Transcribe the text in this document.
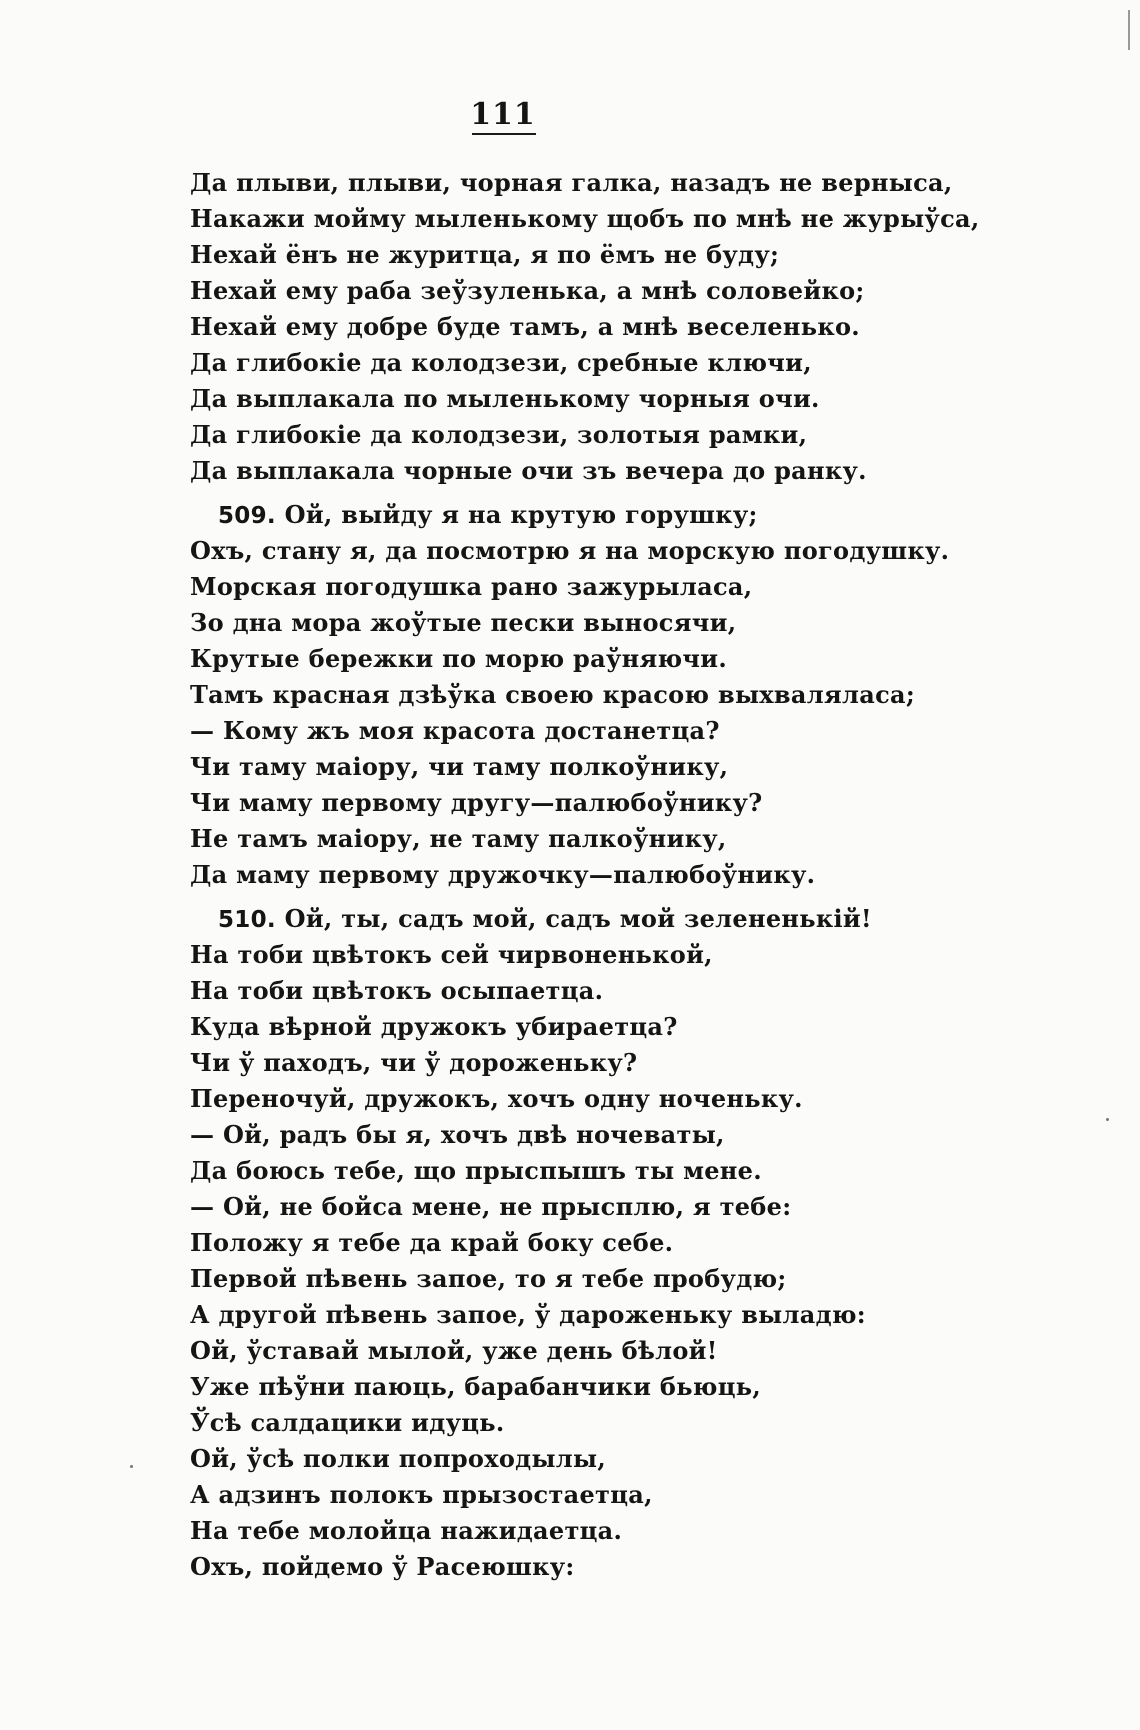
111
Да плыви, плыви, чорная галка, назадъ не верныса,
Накажи мойму мыленькому щобъ по мнѣ не журыўса,
Нехай ёнъ не журитца, я по ёмъ не буду;
Нехай ему раба зеўзуленька, а мнѣ соловейко;
Нехай ему добре буде тамъ, а мнѣ веселенько.
Да глибокіе да колодзези, сребные ключи,
Да выплакала по мыленькому чорныя очи.
Да глибокіе да колодзези, золотыя рамки,
Да выплакала чорные очи зъ вечера до ранку.
509. Ой, выйду я на крутую горушку;
Охъ, стану я, да посмотрю я на морскую погодушку.
Морская погодушка рано зажурылаcа,
Зо дна мора жоўтые пески выносячи,
Крутые бережки по морю раўняючи.
Тамъ красная дзѣўка своею красою выхваляласа;
— Кому жъ моя красота достанетца?
Чи таму маіору, чи таму полкоўнику,
Чи маму первому другу—палюбоўнику?
Не тамъ маіору, не таму палкоўнику,
Да маму первому дружочку—палюбоўнику.
510. Ой, ты, садъ мой, садъ мой зелененькій!
На тоби цвѣтокъ сей чирвоненькой,
На тоби цвѣтокъ осыпаетца.
Куда вѣрной дружокъ убираетца?
Чи ў паходъ, чи ў дороженьку?
Переночуй, дружокъ, хочъ одну ноченьку.
— Ой, радъ бы я, хочъ двѣ ночеваты,
Да боюсь тебе, що прыспышъ ты мене.
— Ой, не бойса мене, не прысплю, я тебе:
Положу я тебе да край боку себе.
Первой пѣвень запое, то я тебе пробудю;
А другой пѣвень запое, ў дароженьку выладю:
Ой, ўставай мылой, уже день бѣлой!
Уже пѣўни паюць, барабанчики бьюць,
Ўсѣ салдацики идуць.
Ой, ўсѣ полки попроходылы,
А адзинъ полокъ прызостаетца,
На тебе молойца нажидаетца.
Охъ, пойдемо ў Расеюшку:
